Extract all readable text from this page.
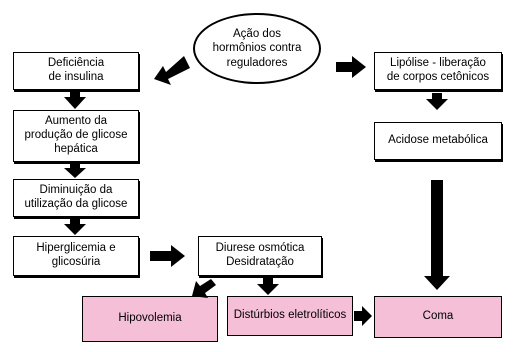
Ação dos
hormônios contra
reguladores
Deficiência
de insulina
Aumento da
produção de glicose
hepática
Diminuição da
utilização da glicose
Hiperglicemia e
glicosúria
Diurese osmótica
Desidratação
Hipovolemia	Distúrbios eletrolíticos
Lipólise - liberação
de corpos cetônicos
Acidose metabólica
Coma
